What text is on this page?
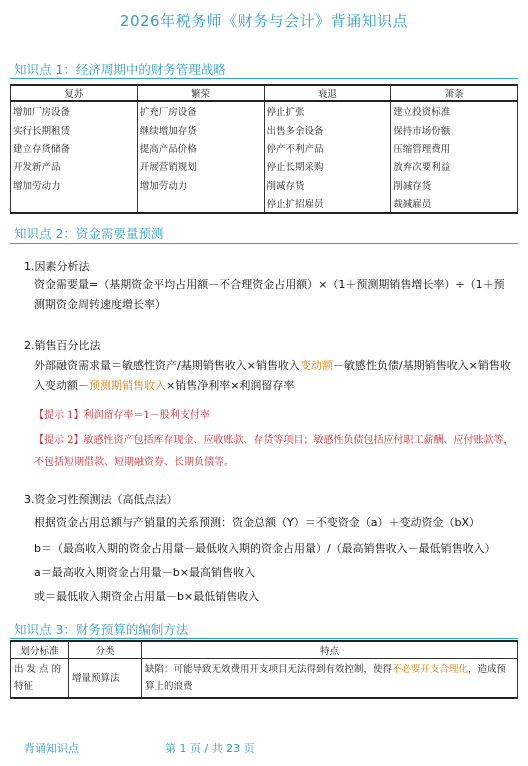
2026年税务师《财务与会计》背诵知识点
知识点 1：经济周期中的财务管理战略
复苏	繁荣	衰退	萧条
增加厂房设备	扩充厂房设备	停止扩张	建立投资标准
实行长期租赁	继续增加存货	出售多余设备	保持市场份额
建立存货储备	提高产品价格	停产不利产品	压缩管理费用
开发新产品	开展营销规划	停止长期采购	放弃次要利益
增加劳动力	增加劳动力	削减存货	削减存货
		停止扩招雇员	裁减雇员
知识点 2：资金需要量预测
1.因素分析法
资金需要量=（基期资金平均占用额－不合理资金占用额）×（1＋预测期销售增长率）÷（1＋预测期资金周转速度增长率）
2.销售百分比法
外部融资需求量＝敏感性资产/基期销售收入×销售收入变动额－敏感性负债/基期销售收入×销售收入变动额－预测期销售收入×销售净利率×利润留存率
【提示 1】利润留存率＝1－股利支付率
【提示 2】敏感性资产包括库存现金、应收账款、存货等项目；敏感性负债包括应付职工薪酬、应付账款等，不包括短期借款、短期融资券、长期负债等。
3.资金习性预测法（高低点法）
根据资金占用总额与产销量的关系预测：资金总额（Y）＝不变资金（a）＋变动资金（bX）
b＝（最高收入期的资金占用量－最低收入期的资金占用量）/（最高销售收入－最低销售收入）
a＝最高收入期资金占用量－b×最高销售收入
或＝最低收入期资金占用量－b×最低销售收入
知识点 3：财务预算的编制方法
划分标准	分类	特点
出 发 点 的特征	增量预算法	缺陷：可能导致无效费用开支项目无法得到有效控制，使得不必要开支合理化，造成预算上的浪费
背诵知识点	第 1 页 / 共 23 页
